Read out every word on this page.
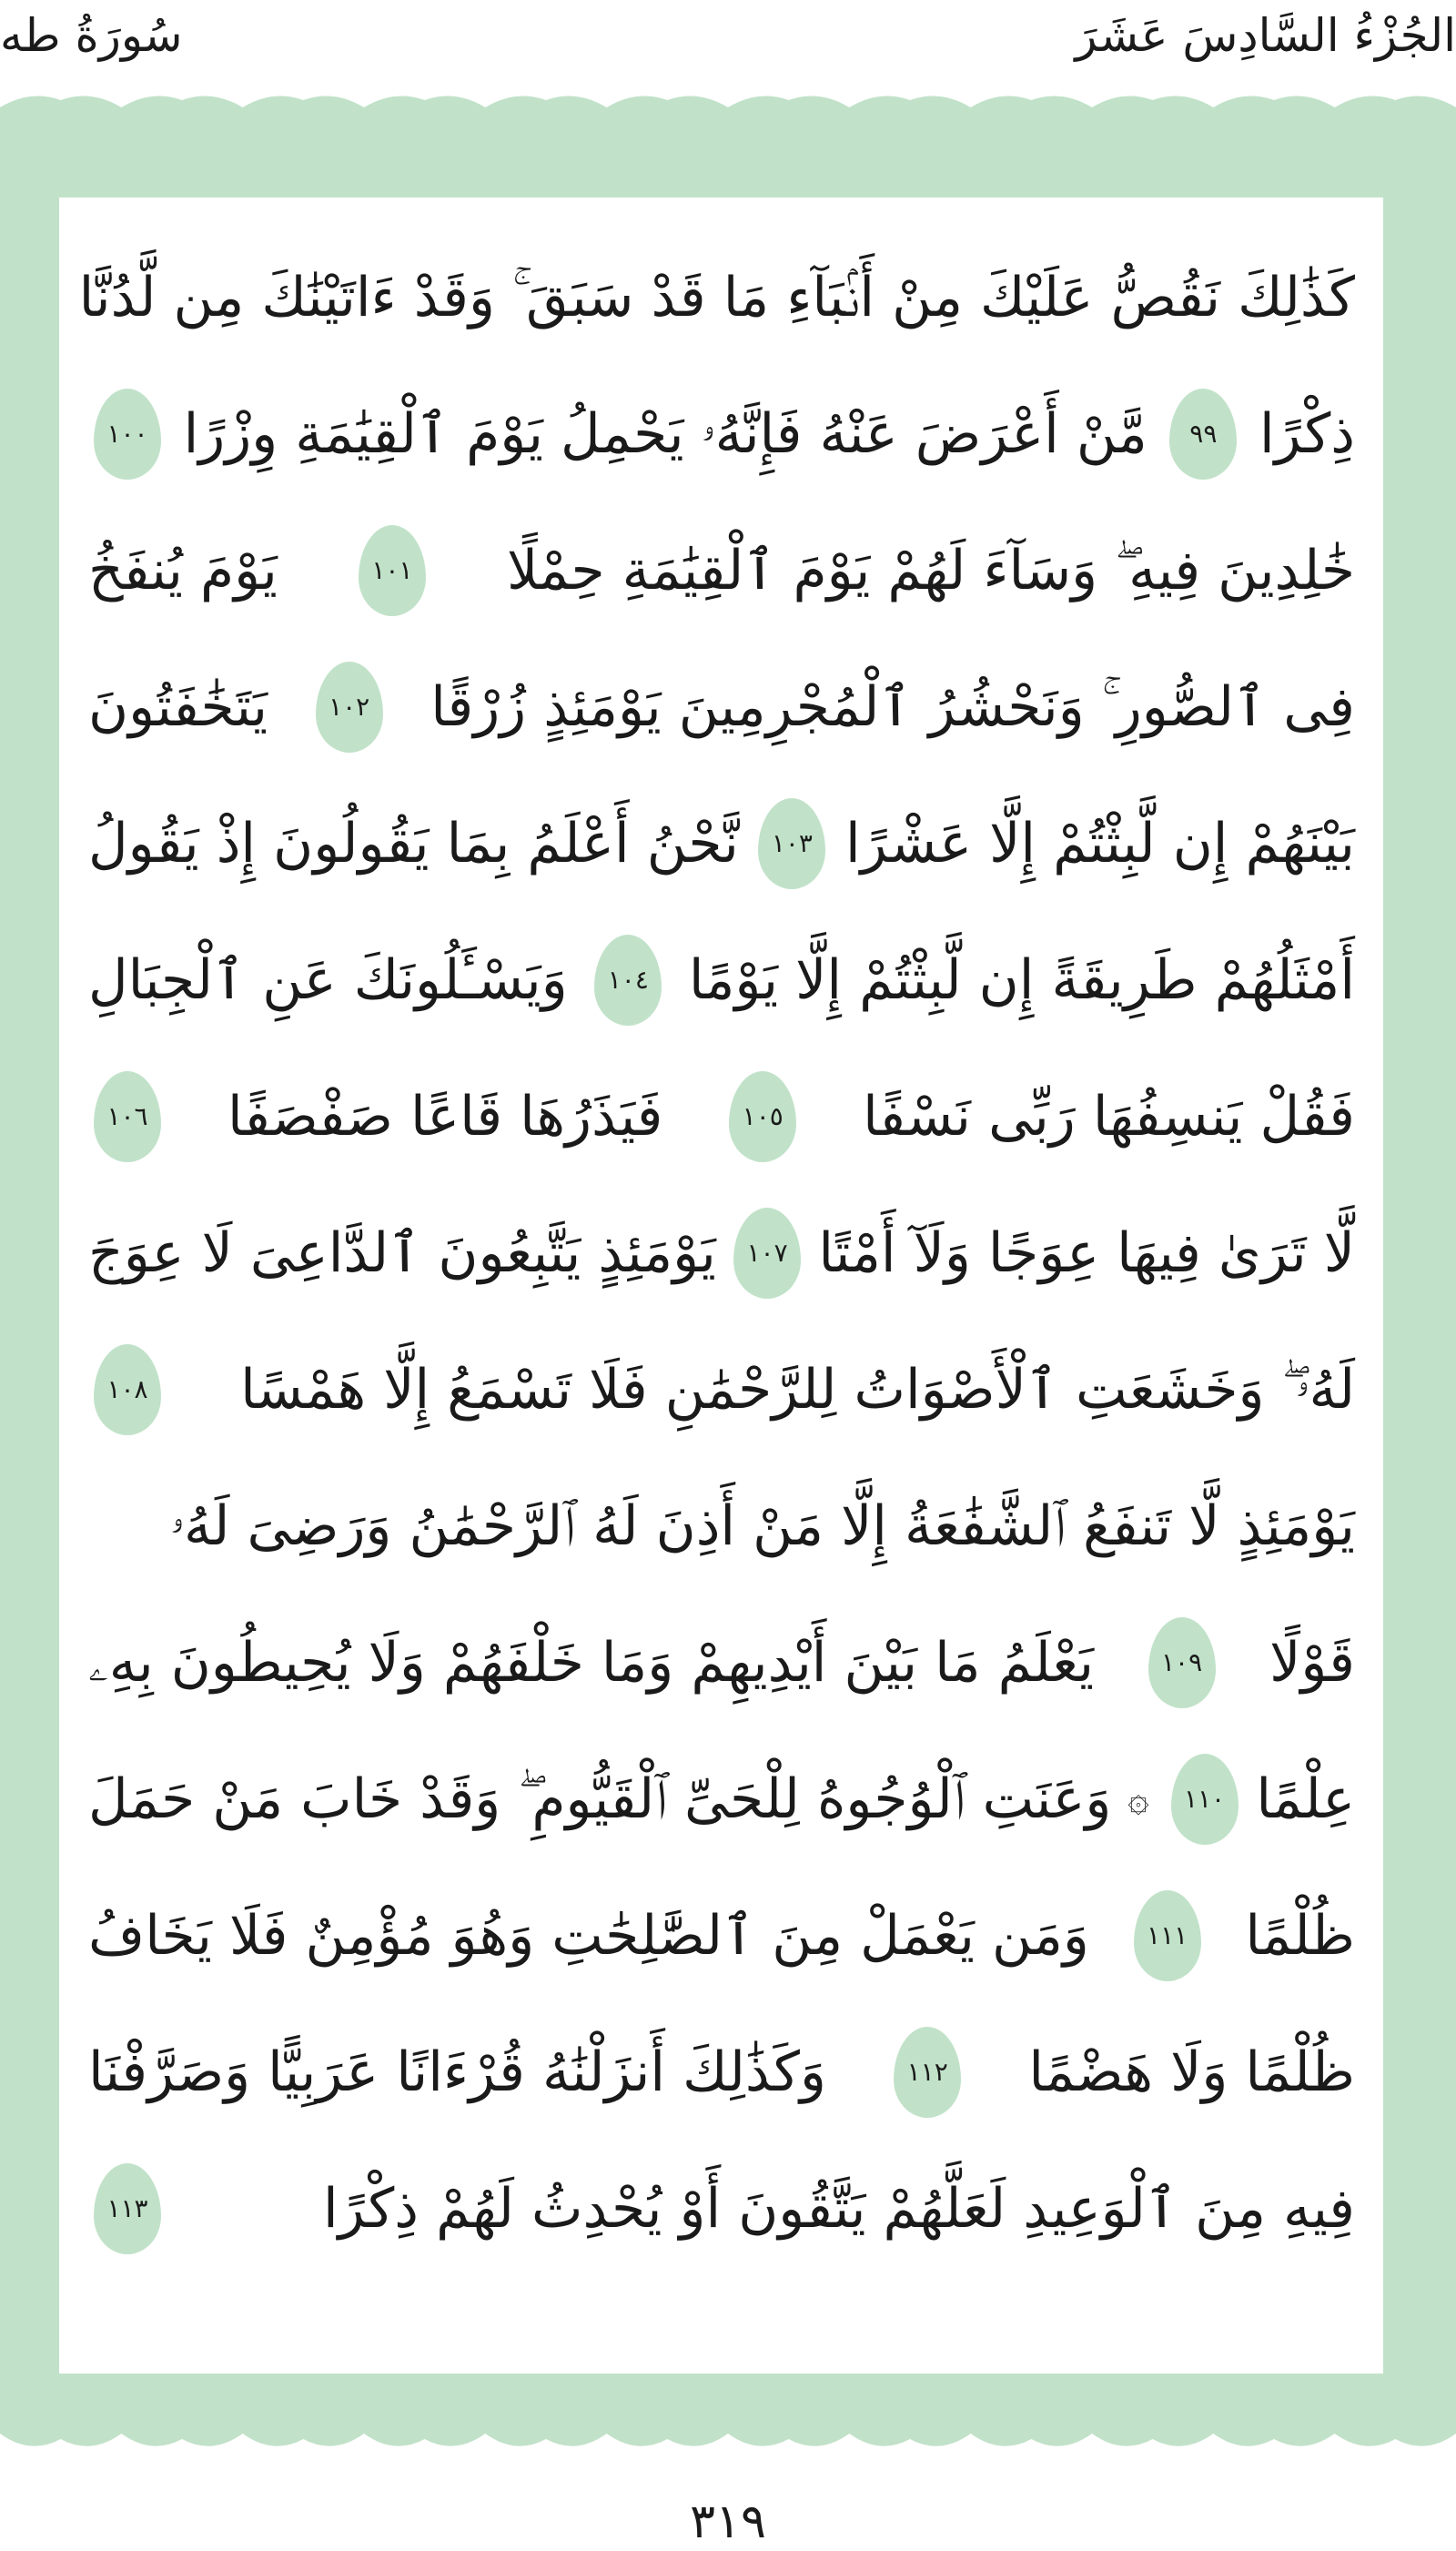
سُورَةُ طه	الجُزْءُ السَّادِسَ عَشَرَ
كَذَٰلِكَ نَقُصُّ عَلَيْكَ مِنْ أَنۢبَآءِ مَا قَدْ سَبَقَ ۚ وَقَدْ ءَاتَيْنَٰكَ مِن لَّدُنَّا
ذِكْرًا
٩٩
مَّنْ أَعْرَضَ عَنْهُ فَإِنَّهُۥ يَحْمِلُ يَوْمَ ٱلْقِيَٰمَةِ وِزْرًا
١٠٠
خَٰلِدِينَ فِيهِ ۖ وَسَآءَ لَهُمْ يَوْمَ ٱلْقِيَٰمَةِ حِمْلًا
١٠١
يَوْمَ يُنفَخُ
فِى ٱلصُّورِ ۚ وَنَحْشُرُ ٱلْمُجْرِمِينَ يَوْمَئِذٍ زُرْقًا
١٠٢
يَتَخَٰفَتُونَ
بَيْنَهُمْ إِن لَّبِثْتُمْ إِلَّا عَشْرًا
١٠٣
نَّحْنُ أَعْلَمُ بِمَا يَقُولُونَ إِذْ يَقُولُ
أَمْثَلُهُمْ طَرِيقَةً إِن لَّبِثْتُمْ إِلَّا يَوْمًا
١٠٤
وَيَسْـَٔلُونَكَ عَنِ ٱلْجِبَالِ
فَقُلْ يَنسِفُهَا رَبِّى نَسْفًا
١٠٥
فَيَذَرُهَا قَاعًا صَفْصَفًا
١٠٦
لَّا تَرَىٰ فِيهَا عِوَجًا وَلَآ أَمْتًا
١٠٧
يَوْمَئِذٍ يَتَّبِعُونَ ٱلدَّاعِىَ لَا عِوَجَ
لَهُۥ ۖ وَخَشَعَتِ ٱلْأَصْوَاتُ لِلرَّحْمَٰنِ فَلَا تَسْمَعُ إِلَّا هَمْسًا
١٠٨
يَوْمَئِذٍ لَّا تَنفَعُ ٱلشَّفَٰعَةُ إِلَّا مَنْ أَذِنَ لَهُ ٱلرَّحْمَٰنُ وَرَضِىَ لَهُۥ
قَوْلًا
١٠٩
يَعْلَمُ مَا بَيْنَ أَيْدِيهِمْ وَمَا خَلْفَهُمْ وَلَا يُحِيطُونَ بِهِۦ
عِلْمًا
١١٠
۞
وَعَنَتِ ٱلْوُجُوهُ لِلْحَىِّ ٱلْقَيُّومِ ۖ وَقَدْ خَابَ مَنْ حَمَلَ
ظُلْمًا
١١١
وَمَن يَعْمَلْ مِنَ ٱلصَّٰلِحَٰتِ وَهُوَ مُؤْمِنٌ فَلَا يَخَافُ
ظُلْمًا وَلَا هَضْمًا
١١٢
وَكَذَٰلِكَ أَنزَلْنَٰهُ قُرْءَانًا عَرَبِيًّا وَصَرَّفْنَا
فِيهِ مِنَ ٱلْوَعِيدِ لَعَلَّهُمْ يَتَّقُونَ أَوْ يُحْدِثُ لَهُمْ ذِكْرًا
١١٣
٣١٩
